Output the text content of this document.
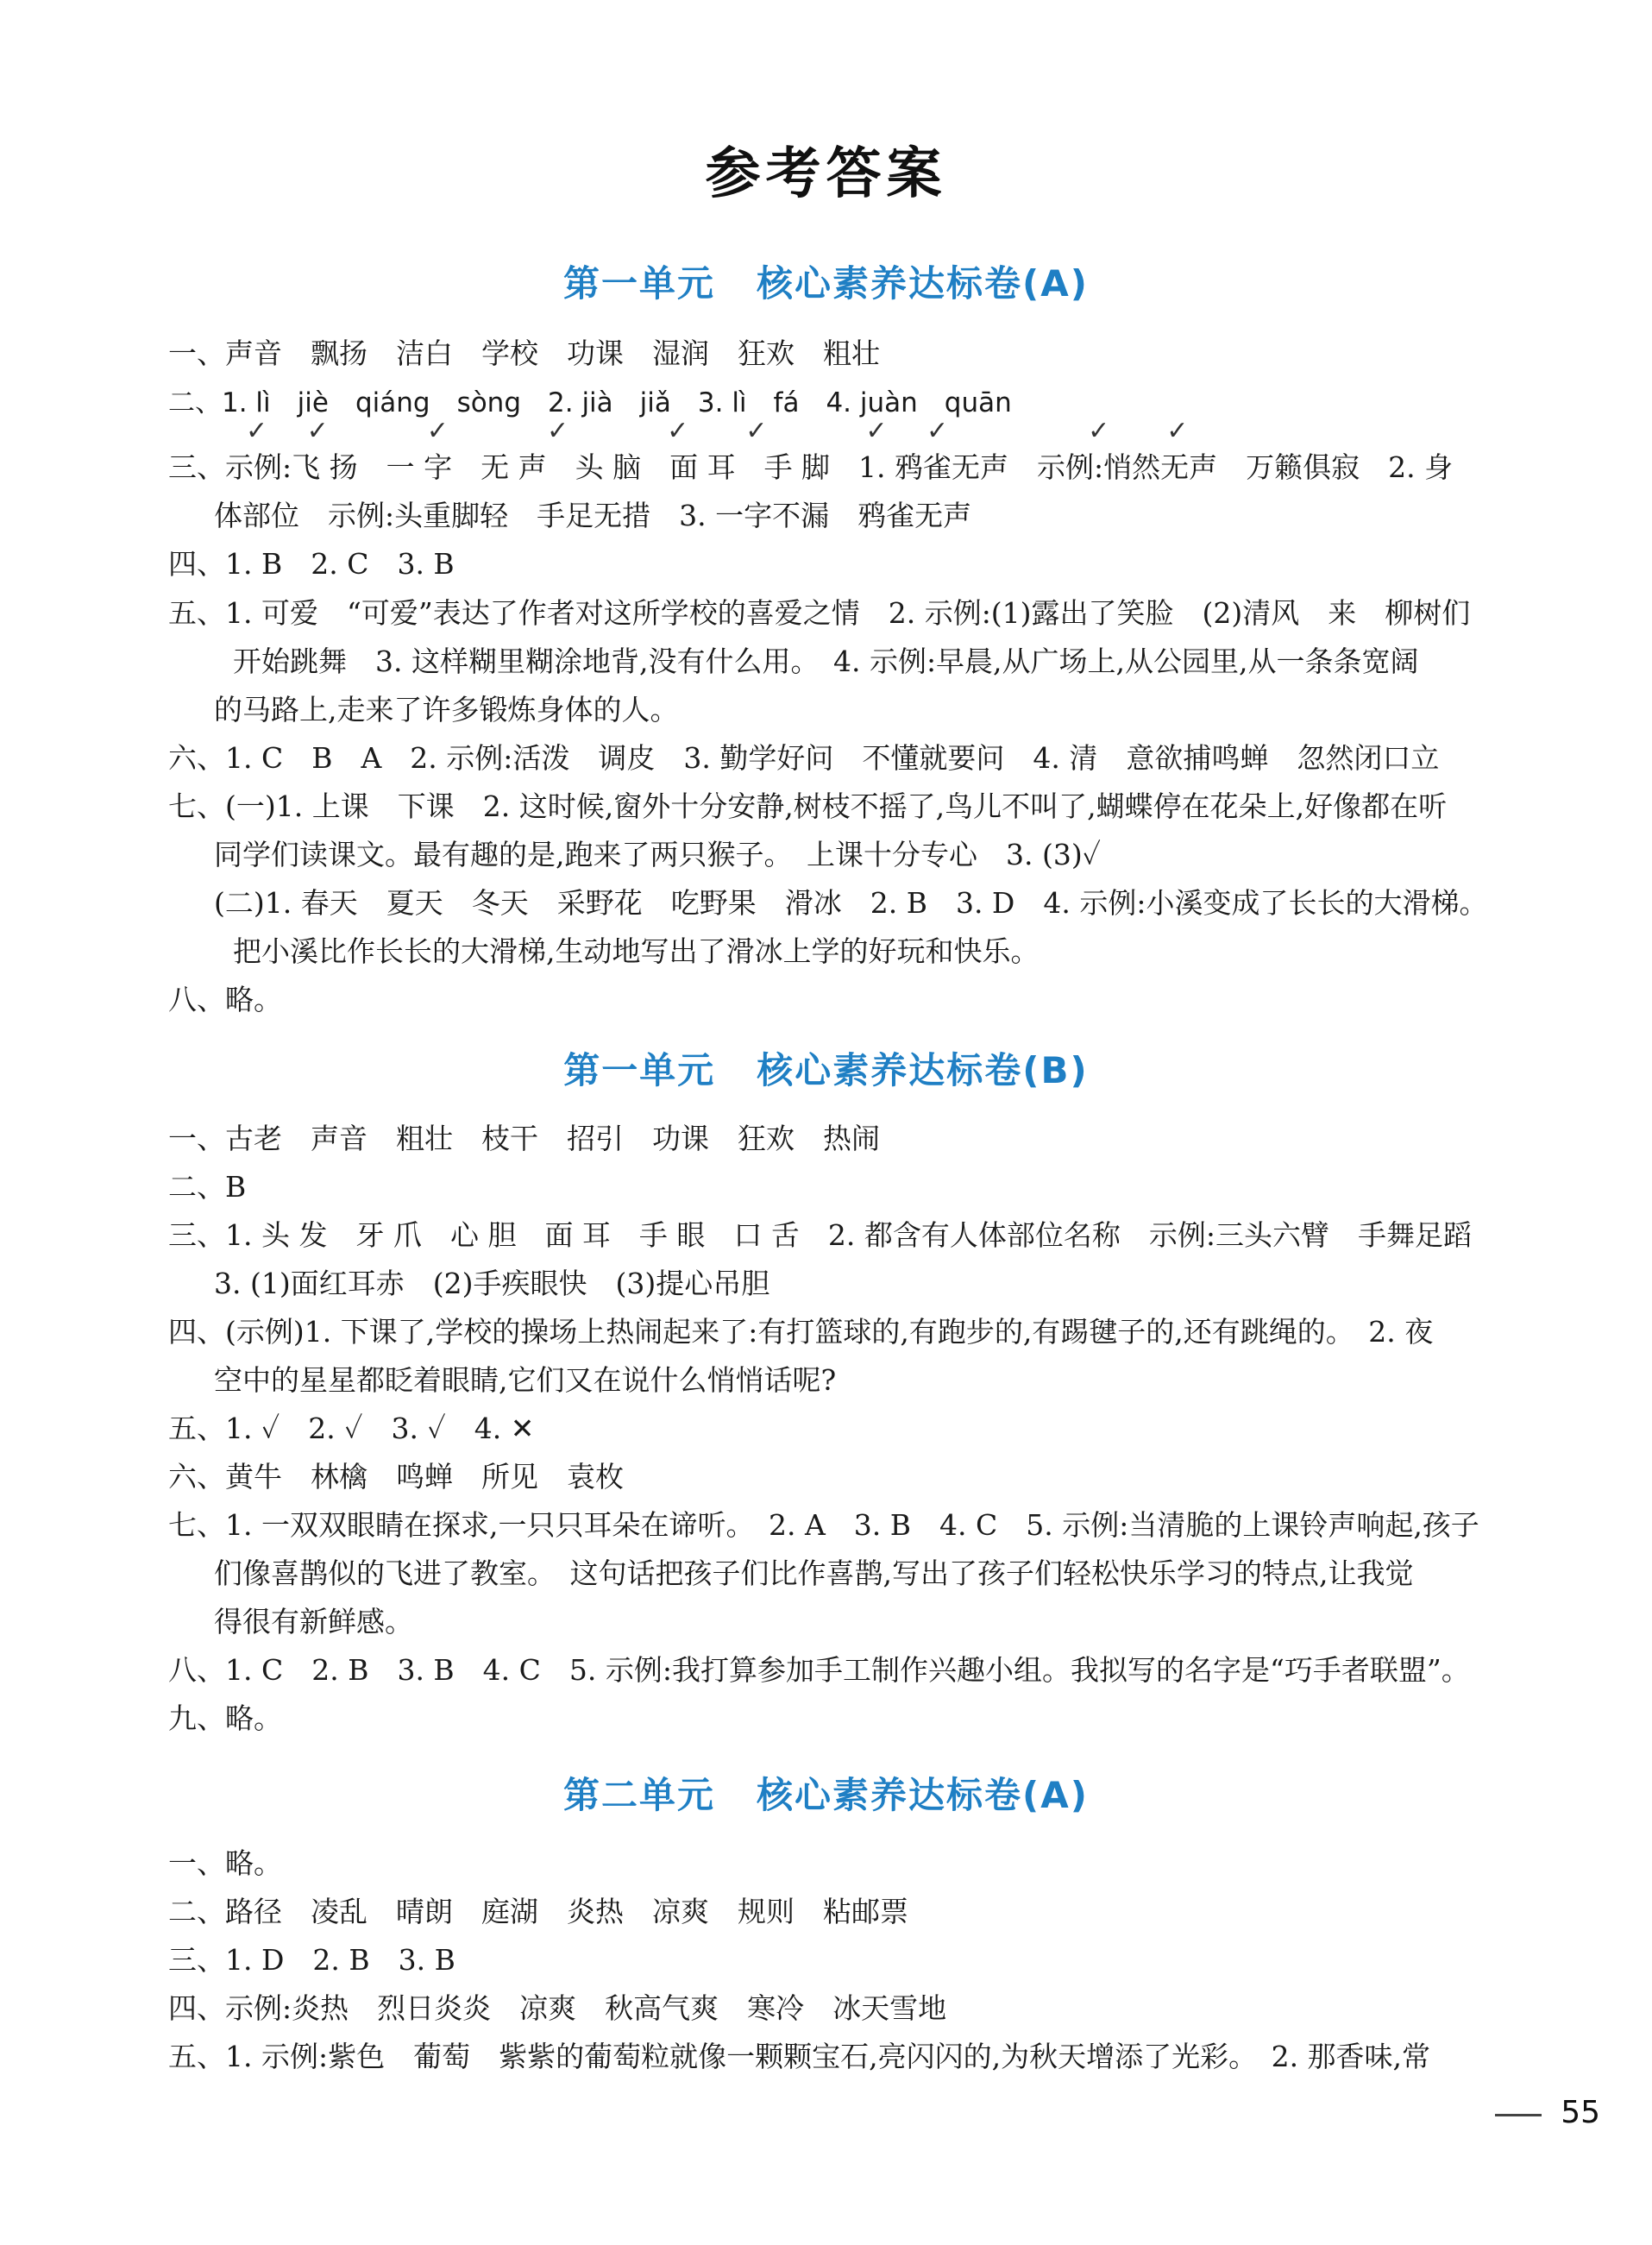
参考答案
第一单元 核心素养达标卷(A)
一、声音　飘扬　洁白　学校　功课　湿润　狂欢　粗壮
二、1. lì　jiè　qiáng　sòng　2. jià　jiǎ　3. lì　fá　4. juàn　quān
✓ ✓　　✓　　✓　　✓　✓　　✓ ✓　　　✓　✓
三、示例:飞 扬　一 字　无 声　头 脑　面 耳　手 脚　1. 鸦雀无声　示例:悄然无声　万籁俱寂　2. 身
体部位　示例:头重脚轻　手足无措　3. 一字不漏　鸦雀无声
四、1. B　2. C　3. B
五、1. 可爱　“可爱”表达了作者对这所学校的喜爱之情　2. 示例:(1)露出了笑脸　(2)清风　来　柳树们
开始跳舞　3. 这样糊里糊涂地背,没有什么用。　4. 示例:早晨,从广场上,从公园里,从一条条宽阔
的马路上,走来了许多锻炼身体的人。
六、1. C　B　A　2. 示例:活泼　调皮　3. 勤学好问　不懂就要问　4. 清　意欲捕鸣蝉　忽然闭口立
七、(一)1. 上课　下课　2. 这时候,窗外十分安静,树枝不摇了,鸟儿不叫了,蝴蝶停在花朵上,好像都在听
同学们读课文。最有趣的是,跑来了两只猴子。　上课十分专心　3. (3)✓
(二)1. 春天　夏天　冬天　采野花　吃野果　滑冰　2. B　3. D　4. 示例:小溪变成了长长的大滑梯。
把小溪比作长长的大滑梯,生动地写出了滑冰上学的好玩和快乐。
八、略。
第一单元 核心素养达标卷(B)
一、古老　声音　粗壮　枝干　招引　功课　狂欢　热闹
二、B
三、1. 头 发　牙 爪　心 胆　面 耳　手 眼　口 舌　2. 都含有人体部位名称　示例:三头六臂　手舞足蹈
3. (1)面红耳赤　(2)手疾眼快　(3)提心吊胆
四、(示例)1. 下课了,学校的操场上热闹起来了:有打篮球的,有跑步的,有踢毽子的,还有跳绳的。　2. 夜
空中的星星都眨着眼睛,它们又在说什么悄悄话呢?
五、1. ✓　2. ✓　3. ✓　4. ✕
六、黄牛　林檎　鸣蝉　所见　袁枚
七、1. 一双双眼睛在探求,一只只耳朵在谛听。　2. A　3. B　4. C　5. 示例:当清脆的上课铃声响起,孩子
们像喜鹊似的飞进了教室。　这句话把孩子们比作喜鹊,写出了孩子们轻松快乐学习的特点,让我觉
得很有新鲜感。
八、1. C　2. B　3. B　4. C　5. 示例:我打算参加手工制作兴趣小组。我拟写的名字是“巧手者联盟”。
九、略。
第二单元 核心素养达标卷(A)
一、略。
二、路径　凌乱　晴朗　庭湖　炎热　凉爽　规则　粘邮票
三、1. D　2. B　3. B
四、示例:炎热　烈日炎炎　凉爽　秋高气爽　寒冷　冰天雪地
五、1. 示例:紫色　葡萄　紫紫的葡萄粒就像一颗颗宝石,亮闪闪的,为秋天增添了光彩。　2. 那香味,常
55
